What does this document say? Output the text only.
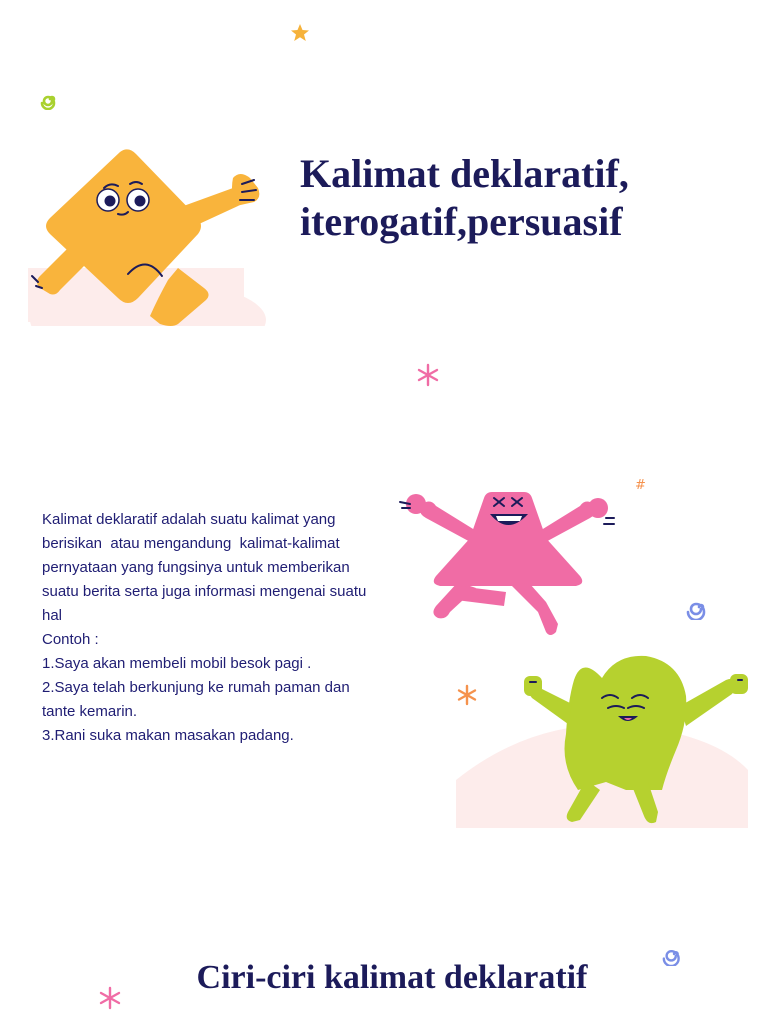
Kalimat deklaratif,
iterogatif,persuasif
#
Kalimat deklaratif adalah suatu kalimat yang
berisikan  atau mengandung  kalimat-kalimat
pernyataan yang fungsinya untuk memberikan
suatu berita serta juga informasi mengenai suatu
hal
Contoh :
1.Saya akan membeli mobil besok pagi .
2.Saya telah berkunjung ke rumah paman dan
tante kemarin.
3.Rani suka makan masakan padang.
Ciri-ciri kalimat deklaratif
